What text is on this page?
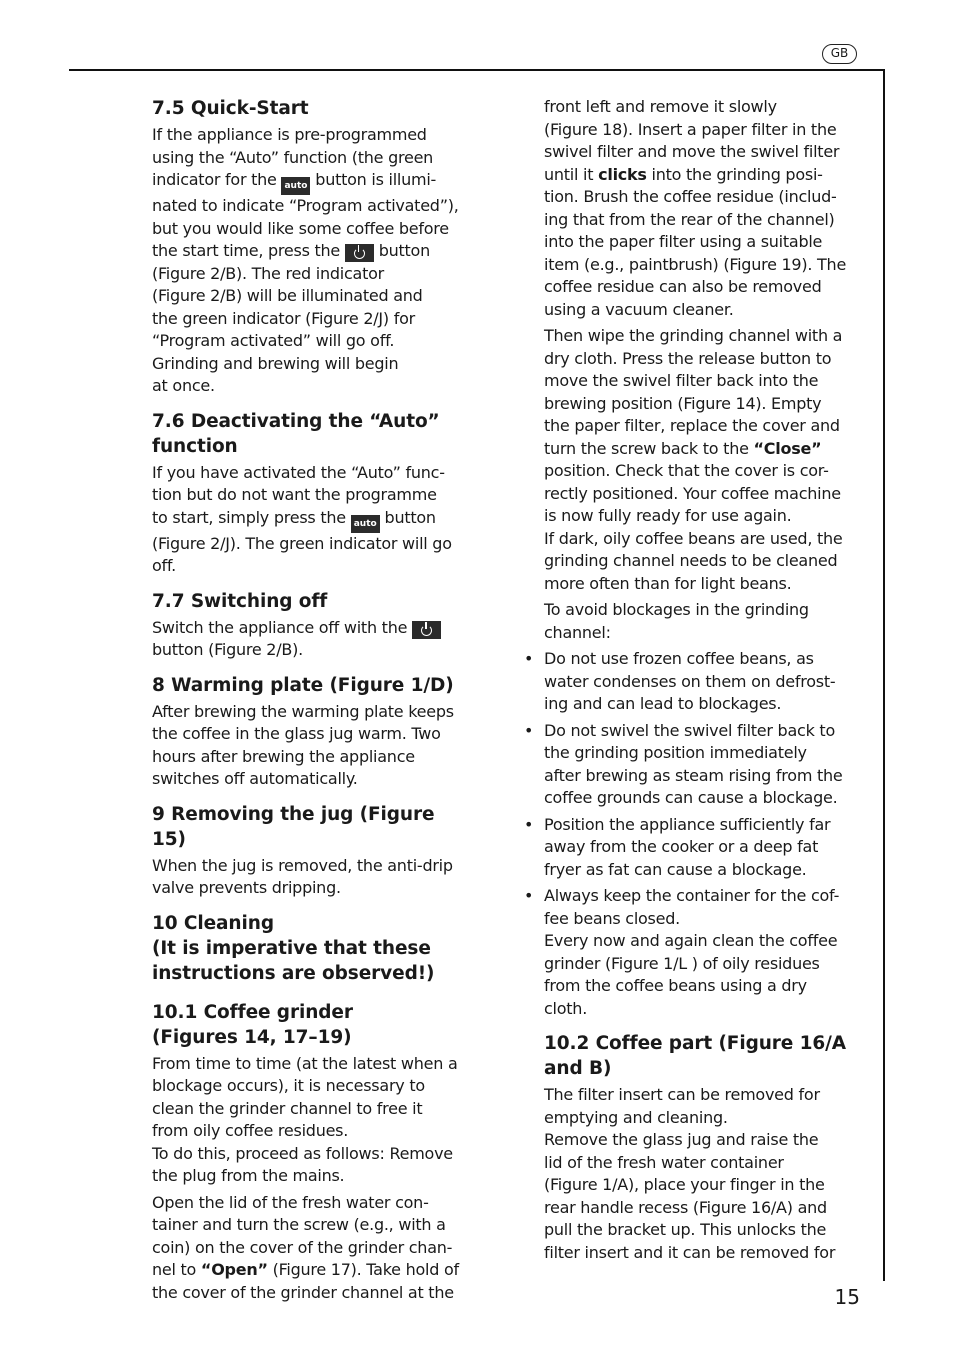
GB
7.5 Quick-Start

If the appliance is pre-programmed
using the “Auto” function (the green
indicator for the auto button is illumi-
nated to indicate “Program activated”),
but you would like some coffee before
the start time, press the button
(Figure 2/B). The red indicator
(Figure 2/B) will be illuminated and
the green indicator (Figure 2/J) for
“Program activated” will go off.
Grinding and brewing will begin
at once.

7.6 Deactivating the “Auto”
function

If you have activated the “Auto” func-
tion but do not want the programme
to start, simply press the auto button
(Figure 2/J). The green indicator will go
off.

7.7 Switching off

Switch the appliance off with the
button (Figure 2/B).

8 Warming plate (Figure 1/D)

After brewing the warming plate keeps
the coffee in the glass jug warm. Two
hours after brewing the appliance
switches off automatically.

9 Removing the jug (Figure 15)

When the jug is removed, the anti-drip
valve prevents dripping.

10 Cleaning
(It is imperative that these
instructions are observed!)
10.1 Coffee grinder
(Figures 14, 17–19)

From time to time (at the latest when a
blockage occurs), it is necessary to
clean the grinder channel to free it
from oily coffee residues.
To do this, proceed as follows: Remove
the plug from the mains.

Open the lid of the fresh water con-
tainer and turn the screw (e.g., with a
coin) on the cover of the grinder chan-
nel to “Open” (Figure 17). Take hold of
the cover of the grinder channel at the

front left and remove it slowly
(Figure 18). Insert a paper filter in the
swivel filter and move the swivel filter
until it clicks into the grinding posi-
tion. Brush the coffee residue (includ-
ing that from the rear of the channel)
into the paper filter using a suitable
item (e.g., paintbrush) (Figure 19). The
coffee residue can also be removed
using a vacuum cleaner.

Then wipe the grinding channel with a
dry cloth. Press the release button to
move the swivel filter back into the
brewing position (Figure 14). Empty
the paper filter, replace the cover and
turn the screw back to the “Close”
position. Check that the cover is cor-
rectly positioned. Your coffee machine
is now fully ready for use again.
If dark, oily coffee beans are used, the
grinding channel needs to be cleaned
more often than for light beans.

To avoid blockages in the grinding
channel:

• Do not use frozen coffee beans, as
water condenses on them on defrost-
ing and can lead to blockages.
• Do not swivel the swivel filter back to
the grinding position immediately
after brewing as steam rising from the
coffee grounds can cause a blockage.
• Position the appliance sufficiently far
away from the cooker or a deep fat
fryer as fat can cause a blockage.
• Always keep the container for the cof-
fee beans closed.
Every now and again clean the coffee
grinder (Figure 1/L ) of oily residues
from the coffee beans using a dry
cloth.
10.2 Coffee part (Figure 16/A
and B)

The filter insert can be removed for
emptying and cleaning.
Remove the glass jug and raise the
lid of the fresh water container
(Figure 1/A), place your finger in the
rear handle recess (Figure 16/A) and
pull the bracket up. This unlocks the
filter insert and it can be removed for

15
